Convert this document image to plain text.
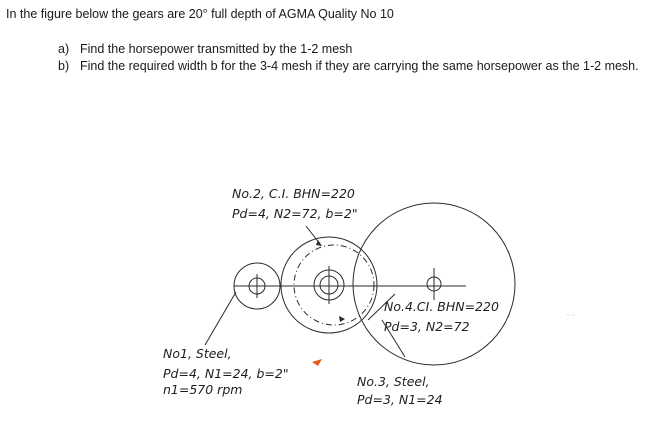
In the figure below the gears are 20° full depth of AGMA Quality No 10

a) Find the horsepower transmitted by the 1-2 mesh
b) Find the required width b for the 3-4 mesh if they are carrying the same horsepower as the 1-2 mesh.
~ ~
No.2, C.I. BHN=220
Pd=4, N2=72, b=2"
No.4.CI. BHN=220
Pd=3, N2=72
No1, Steel,
Pd=4, N1=24, b=2"
n1=570 rpm
No.3, Steel,
Pd=3, N1=24
